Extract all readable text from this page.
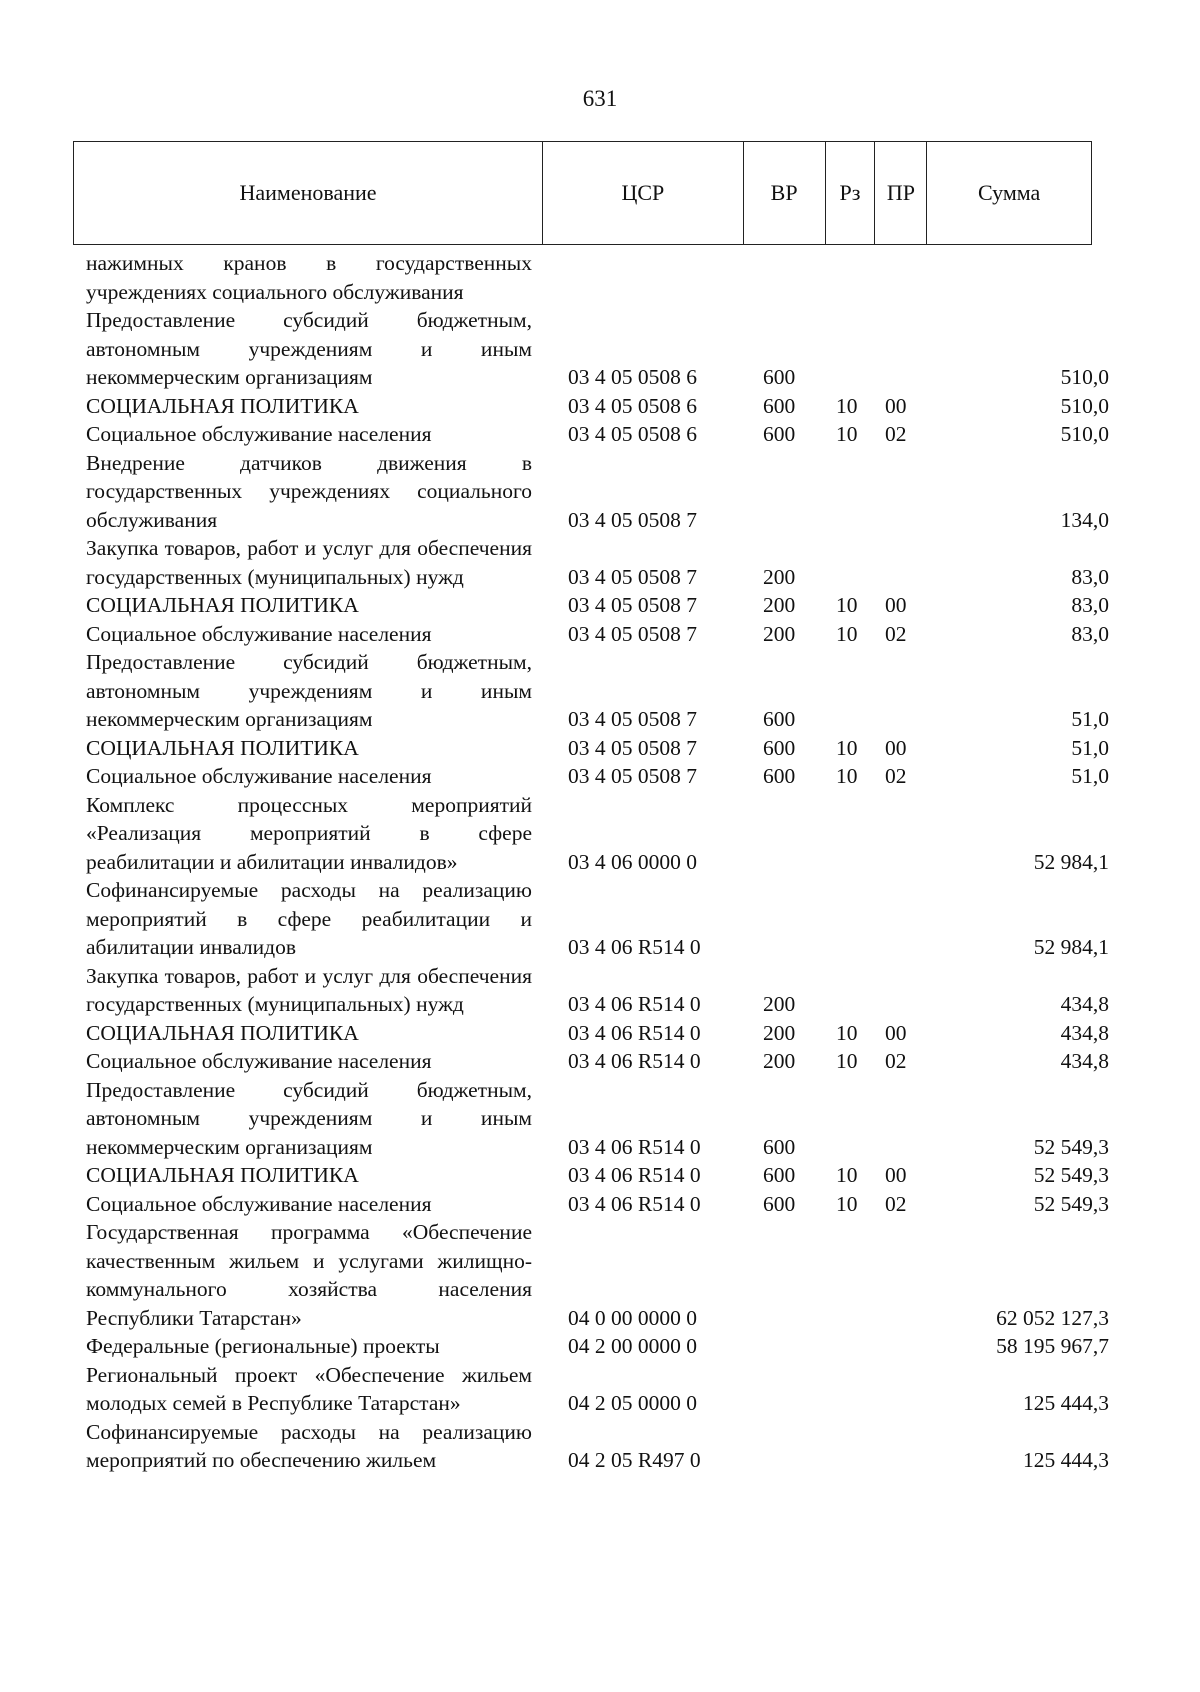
631
Наименование	ЦСР	ВР	Рз	ПР	Сумма
нажимных кранов в государственных учреждениях социального обслуживания
Предоставление субсидий бюджетным, автономным учреждениям и иным некоммерческим организациям	03 4 05 0508 6	600	510,0
СОЦИАЛЬНАЯ ПОЛИТИКА	03 4 05 0508 6	600 10 00	510,0
Социальное обслуживание населения	03 4 05 0508 6	600 10 02	510,0
Внедрение датчиков движения в государственных учреждениях социального обслуживания	03 4 05 0508 7	134,0
Закупка товаров, работ и услуг для обеспечения государственных (муниципальных) нужд	03 4 05 0508 7	200	83,0
СОЦИАЛЬНАЯ ПОЛИТИКА	03 4 05 0508 7	200 10 00	83,0
Социальное обслуживание населения	03 4 05 0508 7	200 10 02	83,0
Предоставление субсидий бюджетным, автономным учреждениям и иным некоммерческим организациям	03 4 05 0508 7	600	51,0
СОЦИАЛЬНАЯ ПОЛИТИКА	03 4 05 0508 7	600 10 00	51,0
Социальное обслуживание населения	03 4 05 0508 7	600 10 02	51,0
Комплекс процессных мероприятий «Реализация мероприятий в сфере реабилитации и абилитации инвалидов»	03 4 06 0000 0	52 984,1
Софинансируемые расходы на реализацию мероприятий в сфере реабилитации и абилитации инвалидов	03 4 06 R514 0	52 984,1
Закупка товаров, работ и услуг для обеспечения государственных (муниципальных) нужд	03 4 06 R514 0	200	434,8
СОЦИАЛЬНАЯ ПОЛИТИКА	03 4 06 R514 0	200 10 00	434,8
Социальное обслуживание населения	03 4 06 R514 0	200 10 02	434,8
Предоставление субсидий бюджетным, автономным учреждениям и иным некоммерческим организациям	03 4 06 R514 0	600	52 549,3
СОЦИАЛЬНАЯ ПОЛИТИКА	03 4 06 R514 0	600 10 00	52 549,3
Социальное обслуживание населения	03 4 06 R514 0	600 10 02	52 549,3
Государственная программа «Обеспечение качественным жильем и услугами жилищно-коммунального хозяйства населения Республики Татарстан»	04 0 00 0000 0	62 052 127,3
Федеральные (региональные) проекты	04 2 00 0000 0	58 195 967,7
Региональный проект «Обеспечение жильем молодых семей в Республике Татарстан»	04 2 05 0000 0	125 444,3
Софинансируемые расходы на реализацию мероприятий по обеспечению жильем	04 2 05 R497 0	125 444,3
